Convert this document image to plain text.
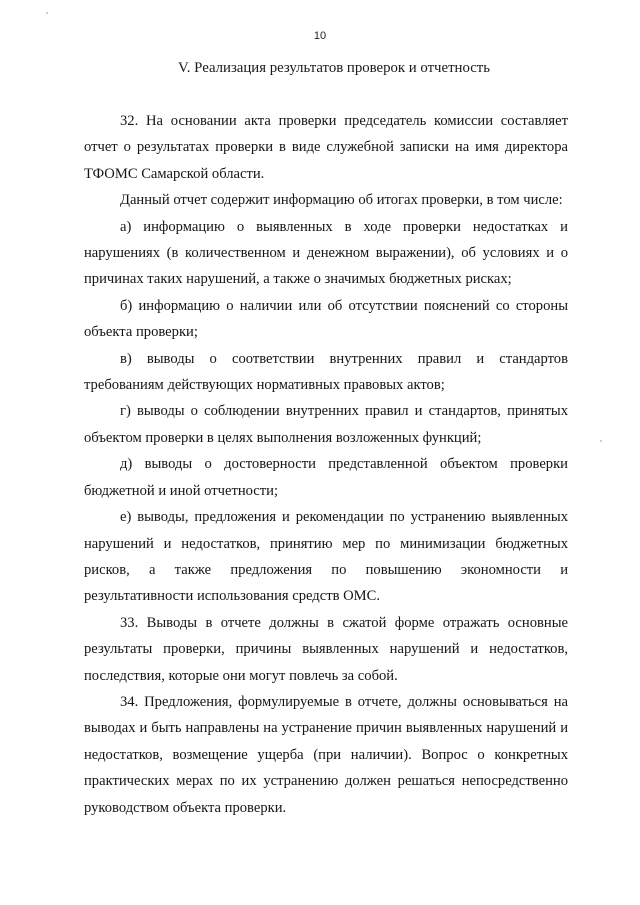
10
V. Реализация результатов проверок и отчетность

32. На основании акта проверки председатель комиссии составляет отчет о результатах проверки в виде служебной записки на имя директора ТФОМС Самарской области.

Данный отчет содержит информацию об итогах проверки, в том числе:

а) информацию о выявленных в ходе проверки недостатках и нарушениях (в количественном и денежном выражении), об условиях и о причинах таких нарушений, а также о значимых бюджетных рисках;

б) информацию о наличии или об отсутствии пояснений со стороны объекта проверки;

в) выводы о соответствии внутренних правил и стандартов требованиям действующих нормативных правовых актов;

г) выводы о соблюдении внутренних правил и стандартов, принятых объектом проверки в целях выполнения возложенных функций;

д) выводы о достоверности представленной объектом проверки бюджетной и иной отчетности;

е) выводы, предложения и рекомендации по устранению выявленных нарушений и недостатков, принятию мер по минимизации бюджетных рисков, а также предложения по повышению экономности и результативности использования средств ОМС.

33. Выводы в отчете должны в сжатой форме отражать основные результаты проверки, причины выявленных нарушений и недостатков, последствия, которые они могут повлечь за собой.

34. Предложения, формулируемые в отчете, должны основываться на выводах и быть направлены на устранение причин выявленных нарушений и недостатков, возмещение ущерба (при наличии). Вопрос о конкретных практических мерах по их устранению должен решаться непосредственно руководством объекта проверки.
